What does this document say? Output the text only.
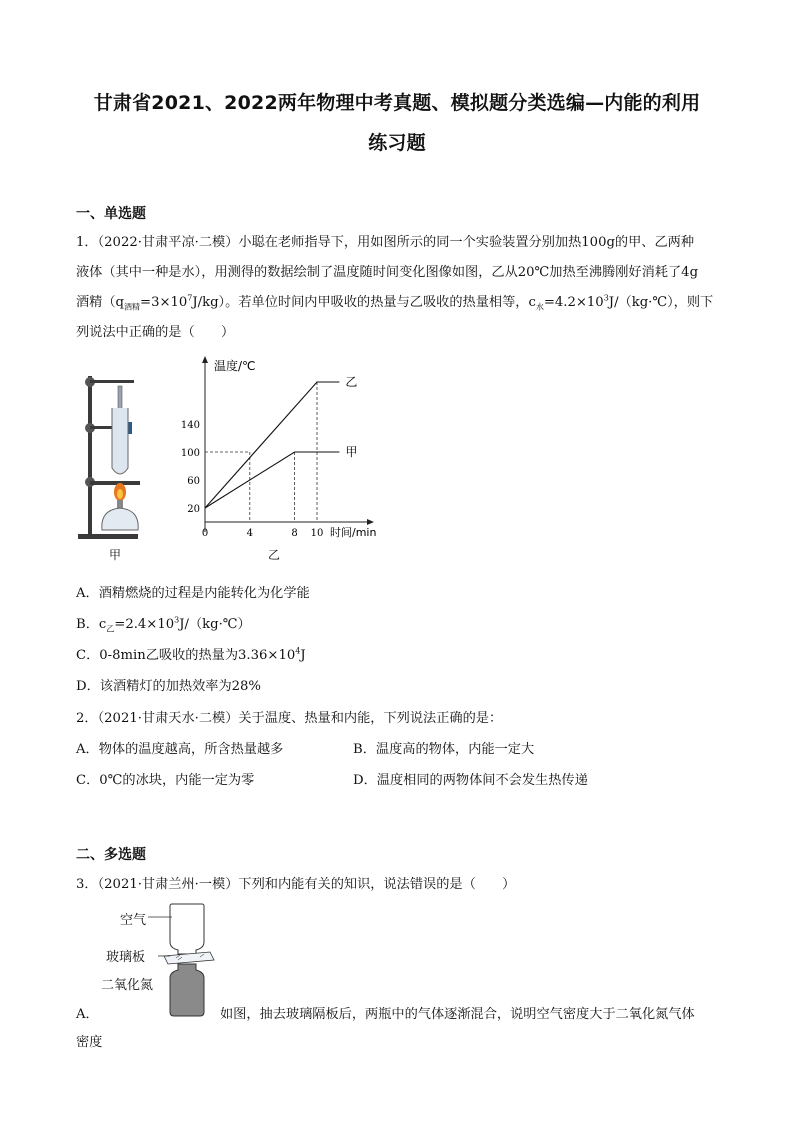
甘肃省2021、2022两年物理中考真题、模拟题分类选编—内能的利用
练习题
一、单选题
1．（2022·甘肃平凉·二模）小聪在老师指导下，用如图所示的同一个实验装置分别加热100g的甲、乙两种
液体（其中一种是水），用测得的数据绘制了温度随时间变化图像如图，乙从20℃加热至沸腾刚好消耗了4g
酒精$(q_{酒精}=3\times 10^7J/kg)$。若单位时间内甲吸收的热量与乙吸收的热量相等，$c_水=4.2\times 10^3J/(kg\cdot℃)$，则下
列说法中正确的是（　　）
甲
温度/℃
时间/min
20
60
100
140
0	4	8 10
乙
甲
乙
A．酒精燃烧的过程是内能转化为化学能
B．$c_乙=2.4\times 10^3J/(kg\cdot℃)$
C．0-8min乙吸收的热量为$3.36\times 10^4J$
D．该酒精灯的加热效率为28%
2．（2021·甘肃天水·二模）关于温度、热量和内能，下列说法正确的是：
A．物体的温度越高，所含热量越多	B．温度高的物体，内能一定大
C．0℃的冰块，内能一定为零	D．温度相同的两物体间不会发生热传递
二、多选题
3．（2021·甘肃兰州·一模）下列和内能有关的知识，说法错误的是（　　）
空气
玻璃板
二氧化氮
A．	如图，抽去玻璃隔板后，两瓶中的气体逐渐混合，说明空气密度大于二氧化氮气体
密度
